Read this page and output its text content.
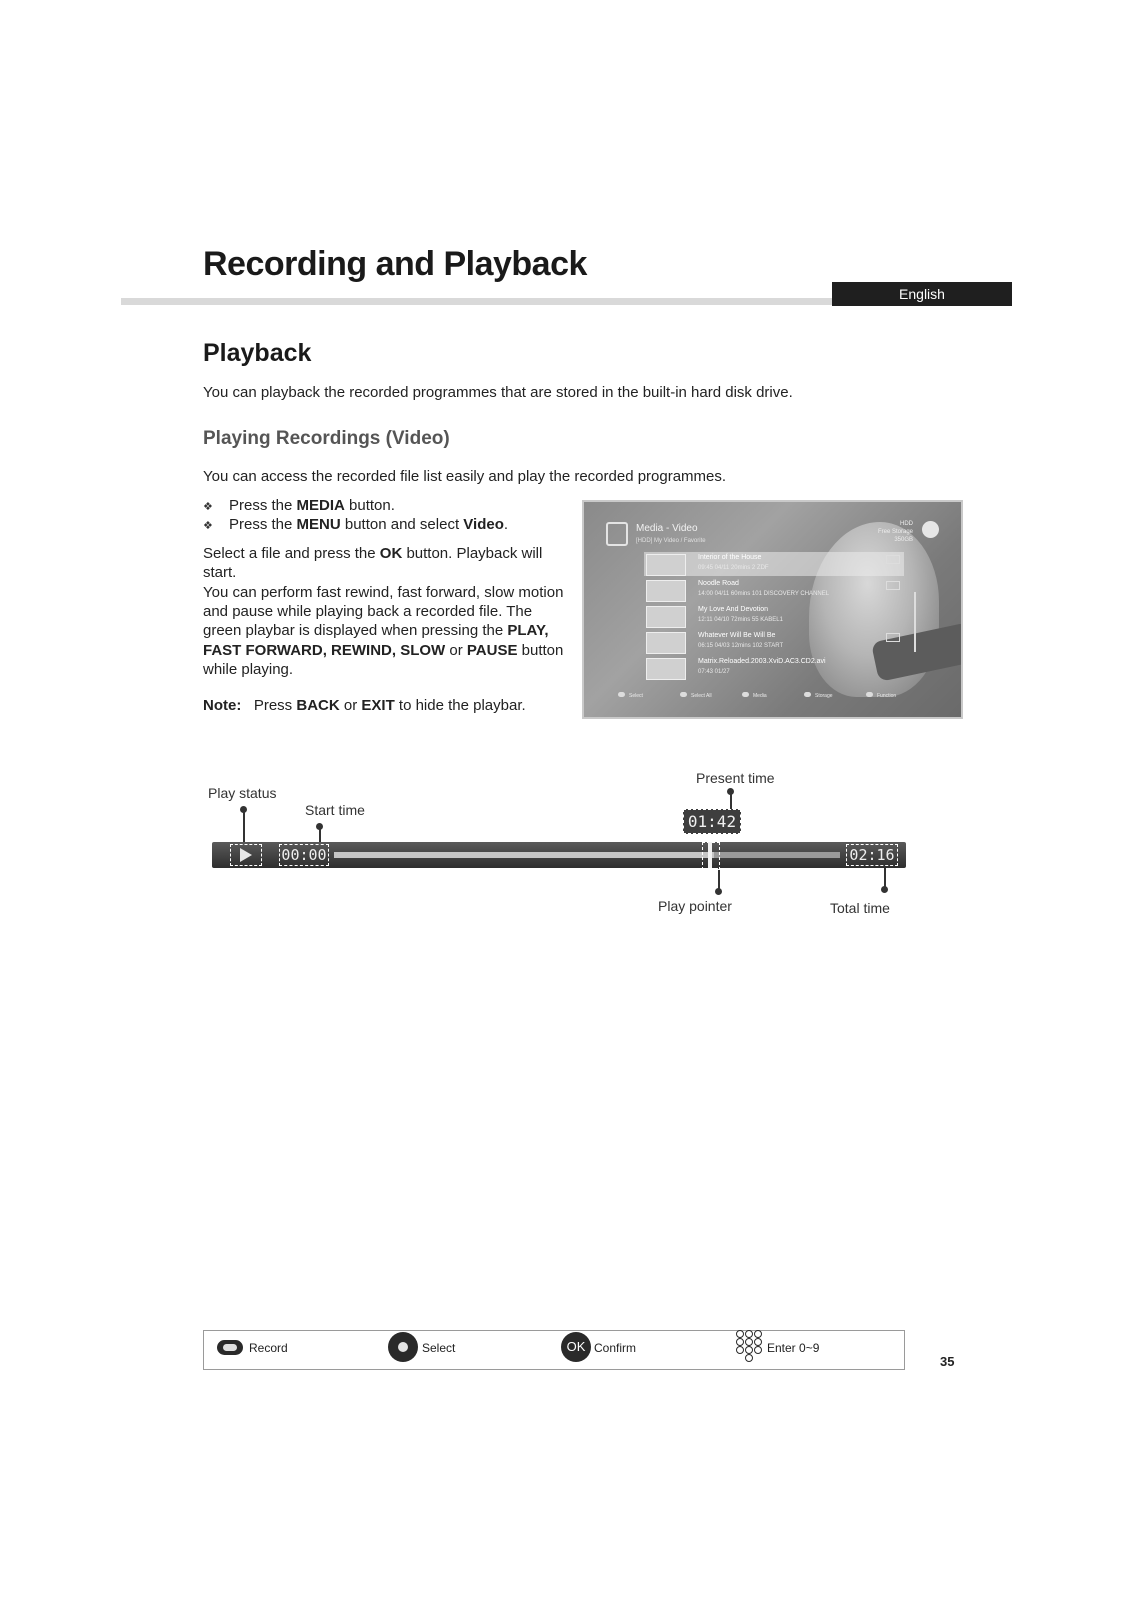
Recording and Playback
English
Playback
You can playback the recorded programmes that are stored in the built-in hard disk drive.
Playing Recordings (Video)
You can access the recorded file list easily and play the recorded programmes.
❖ Press the MEDIA button.
❖ Press the MENU button and select Video.
Select a file and press the OK button. Playback will start.
You can perform fast rewind, fast forward, slow motion and pause while playing back a recorded file. The green playbar is displayed when pressing the PLAY, FAST FORWARD, REWIND, SLOW or PAUSE button while playing.
Note: Press BACK or EXIT to hide the playbar.
Media - Video
[HDD] My Video / Favorite
HDD
Free Storage
350GB
Interior of the House
09:45 04/11 20mins 2 ZDF
Noodle Road
14:00 04/11 60mins 101 DISCOVERY CHANNEL
My Love And Devotion
12:11 04/10 72mins 55 KABEL1
Whatever Will Be Will Be
06:15 04/03 12mins 102 START
Matrix.Reloaded.2003.XviD.AC3.CD2.avi
07:43 01/27
Select	Select All	Media	Storage	Function
Play status
Start time
Present time
Play pointer	Total time
00:00	02:16
01:42
Record	Select	OK Confirm	Enter 0~9
35
